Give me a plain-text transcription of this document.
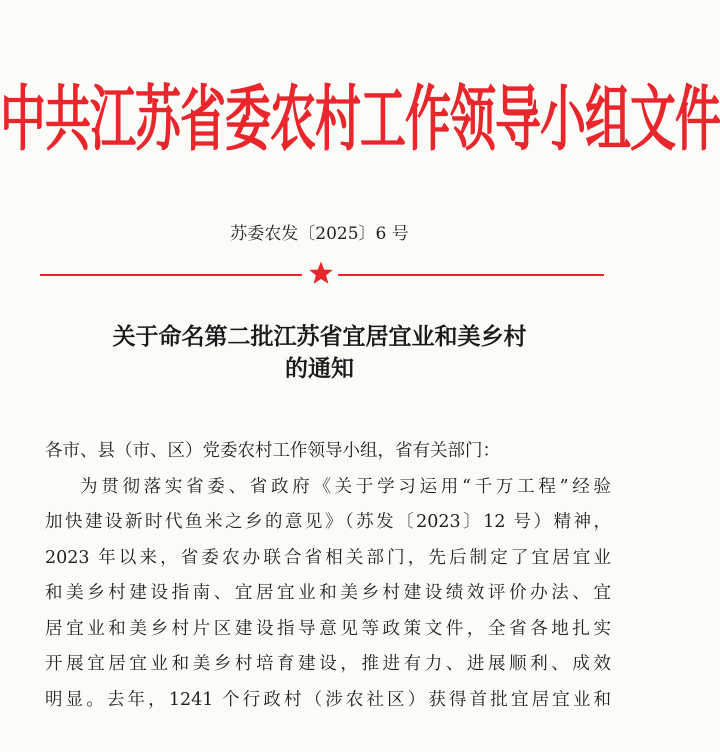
中共江苏省委农村工作领导小组文件
苏委农发〔2025〕6 号
关于命名第二批江苏省宜居宜业和美乡村
的通知

各市、县（市、区）党委农村工作领导小组，省有关部门：

为贯彻落实省委、省政府《关于学习运用“千万工程”经验

加快建设新时代鱼米之乡的意见》（苏发〔2023〕12 号）精神，

2023 年以来，省委农办联合省相关部门，先后制定了宜居宜业

和美乡村建设指南、宜居宜业和美乡村建设绩效评价办法、宜

居宜业和美乡村片区建设指导意见等政策文件，全省各地扎实

开展宜居宜业和美乡村培育建设，推进有力、进展顺利、成效

明显。去年，1241 个行政村（涉农社区）获得首批宜居宜业和
